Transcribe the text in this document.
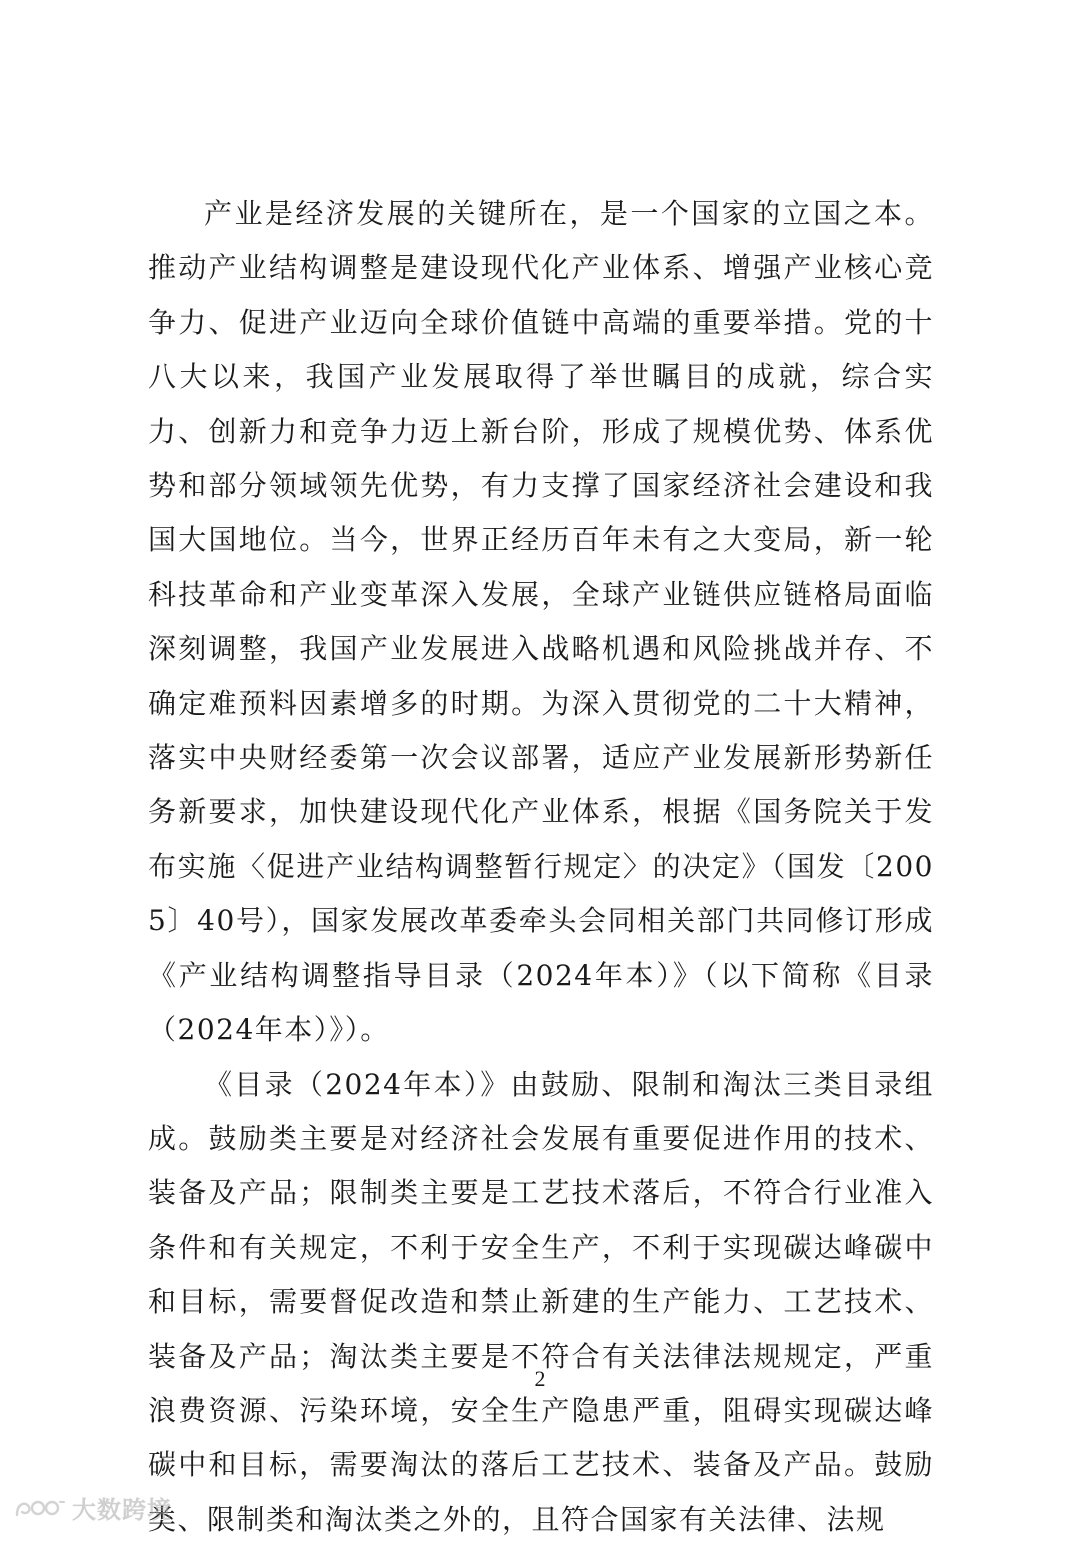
产业是经济发展的关键所在，是一个国家的立国之本。推动产业结构调整是建设现代化产业体系、增强产业核心竞争力、促进产业迈向全球价值链中高端的重要举措。党的十八大以来，我国产业发展取得了举世瞩目的成就，综合实力、创新力和竞争力迈上新台阶，形成了规模优势、体系优势和部分领域领先优势，有力支撑了国家经济社会建设和我国大国地位。当今，世界正经历百年未有之大变局，新一轮科技革命和产业变革深入发展，全球产业链供应链格局面临深刻调整，我国产业发展进入战略机遇和风险挑战并存、不确定难预料因素增多的时期。为深入贯彻党的二十大精神，落实中央财经委第一次会议部署，适应产业发展新形势新任务新要求，加快建设现代化产业体系，根据《国务院关于发布实施〈促进产业结构调整暂行规定〉的决定》（国发〔2005〕40号），国家发展改革委牵头会同相关部门共同修订形成《产业结构调整指导目录（2024年本）》（以下简称《目录（2024年本）》）。

《目录（2024年本）》由鼓励、限制和淘汰三类目录组成。鼓励类主要是对经济社会发展有重要促进作用的技术、装备及产品；限制类主要是工艺技术落后，不符合行业准入条件和有关规定，不利于安全生产，不利于实现碳达峰碳中和目标，需要督促改造和禁止新建的生产能力、工艺技术、装备及产品；淘汰类主要是不符合有关法律法规规定，严重浪费资源、污染环境，安全生产隐患严重，阻碍实现碳达峰碳中和目标，需要淘汰的落后工艺技术、装备及产品。鼓励类、限制类和淘汰类之外的，且符合国家有关法律、法规

2
大数跨境
